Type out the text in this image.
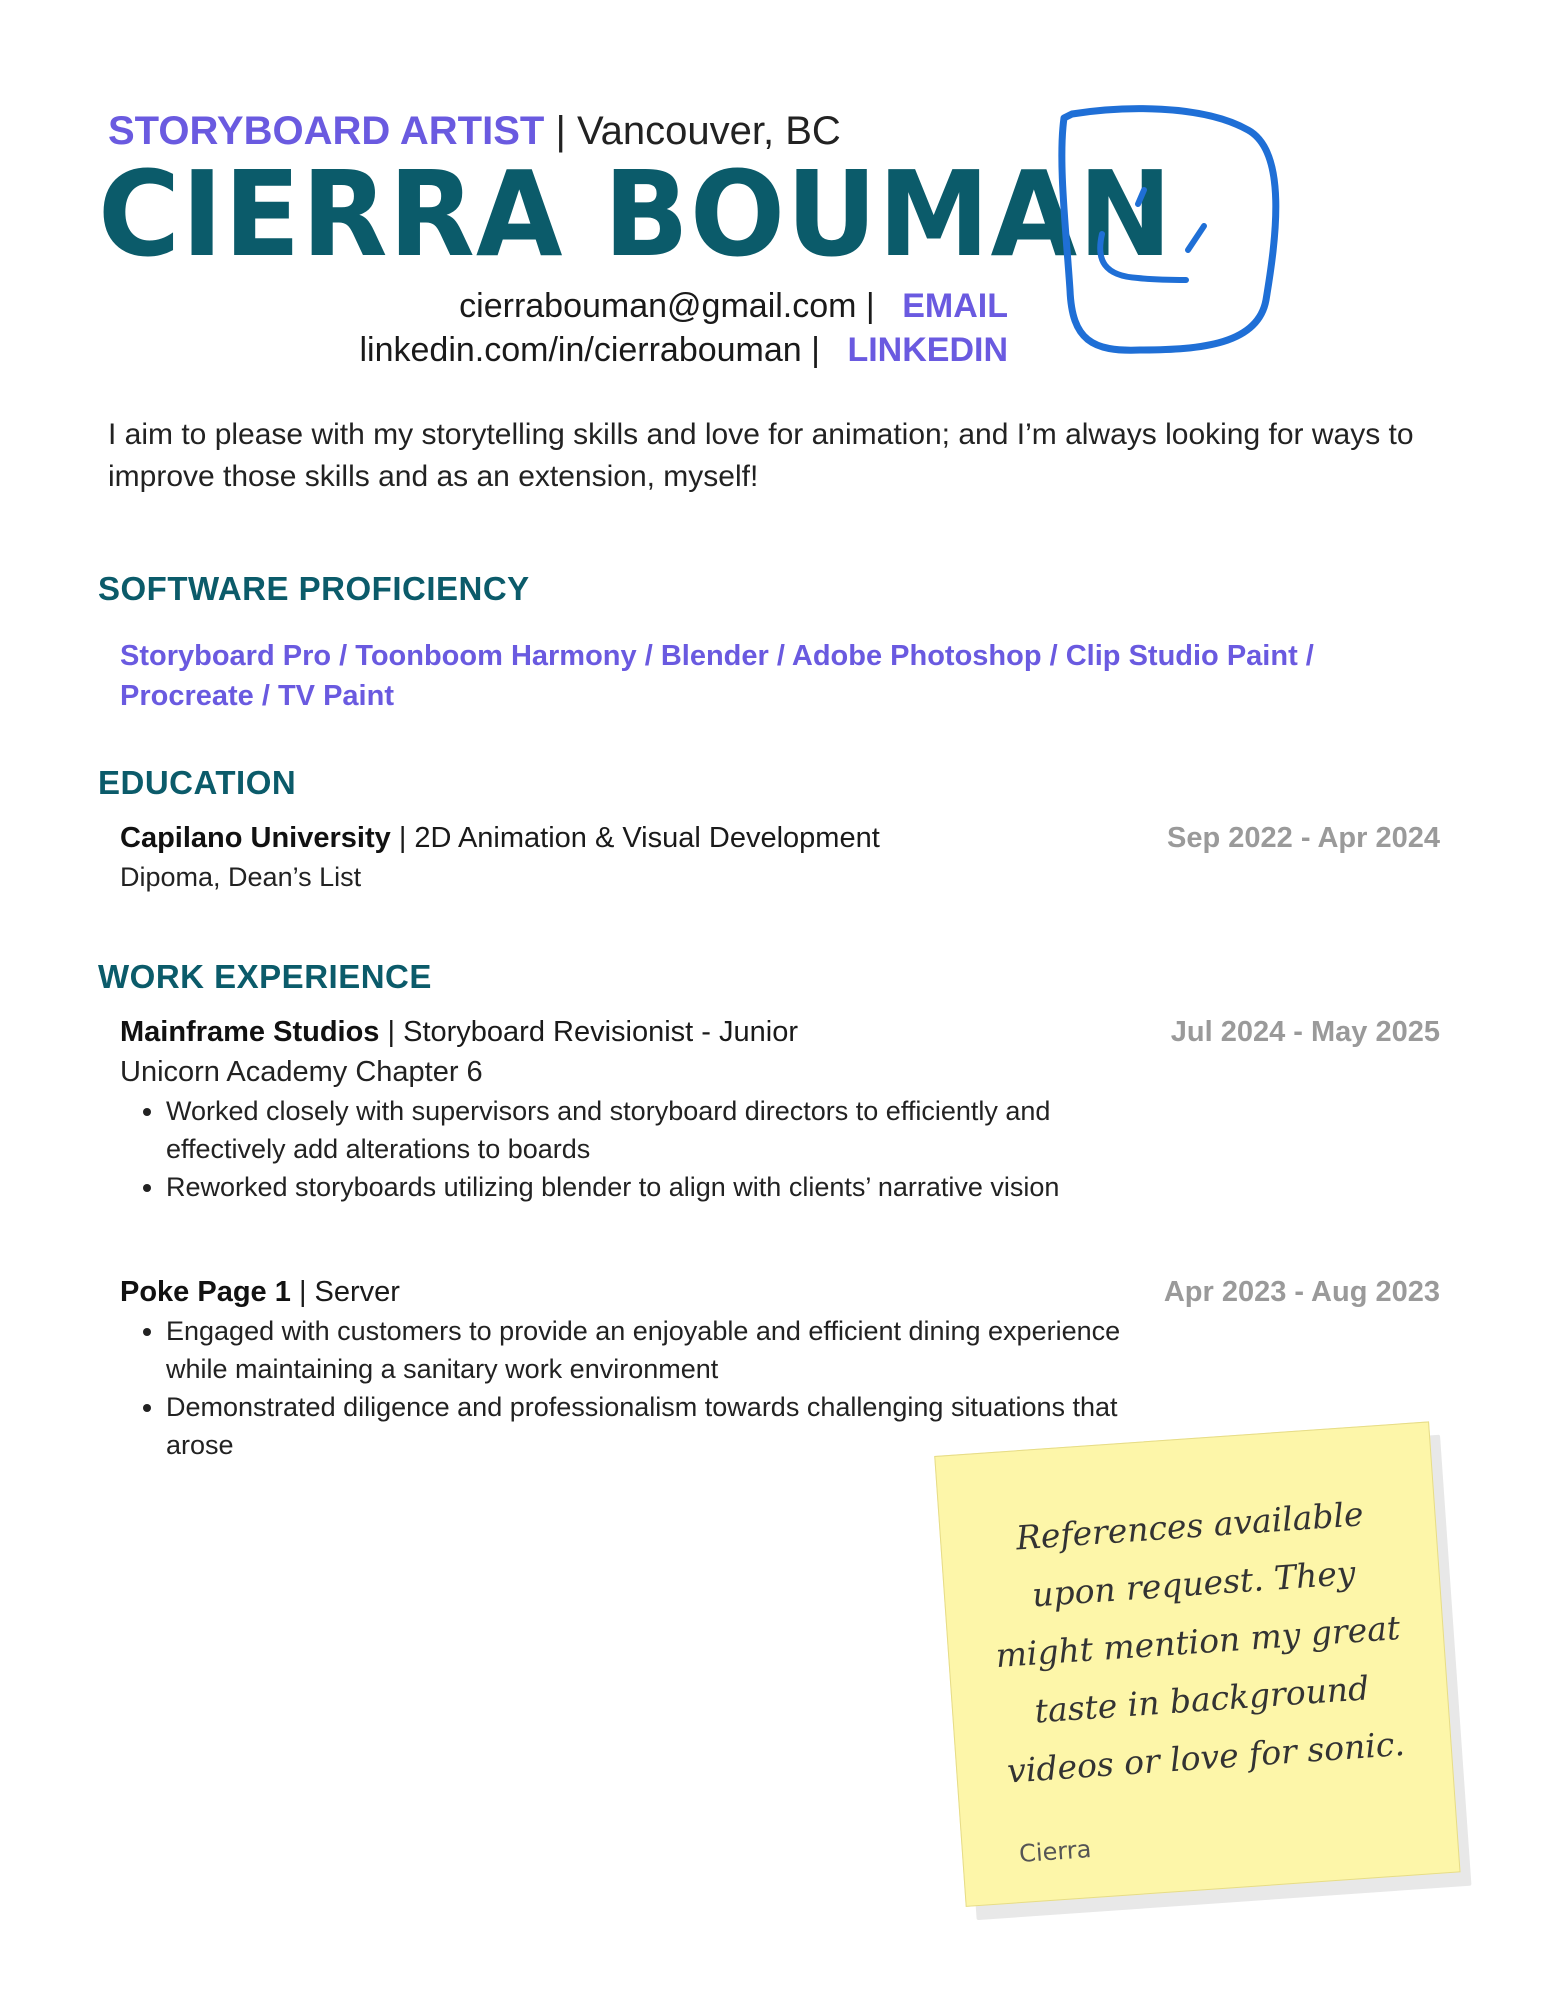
STORYBOARD ARTIST | Vancouver, BC
CIERRA BOUMAN
cierrabouman@gmail.com | EMAIL
linkedin.com/in/cierrabouman | LINKEDIN
I aim to please with my storytelling skills and love for animation; and I’m always looking for ways to improve those skills and as an extension, myself!
SOFTWARE PROFICIENCY
Storyboard Pro / Toonboom Harmony / Blender / Adobe Photoshop / Clip Studio Paint / Procreate / TV Paint
EDUCATION
Capilano University | 2D Animation & Visual Development	Sep 2022 - Apr 2024
Dipoma, Dean’s List
WORK EXPERIENCE
Mainframe Studios | Storyboard Revisionist - Junior	Jul 2024 - May 2025
Unicorn Academy Chapter 6
• Worked closely with supervisors and storyboard directors to efficiently and effectively add alterations to boards
• Reworked storyboards utilizing blender to align with clients’ narrative vision
Poke Page 1 | Server	Apr 2023 - Aug 2023
• Engaged with customers to provide an enjoyable and efficient dining experience while maintaining a sanitary work environment
• Demonstrated diligence and professionalism towards challenging situations that arose
References available upon request. They might mention my great taste in background videos or love for sonic.
Cierra
